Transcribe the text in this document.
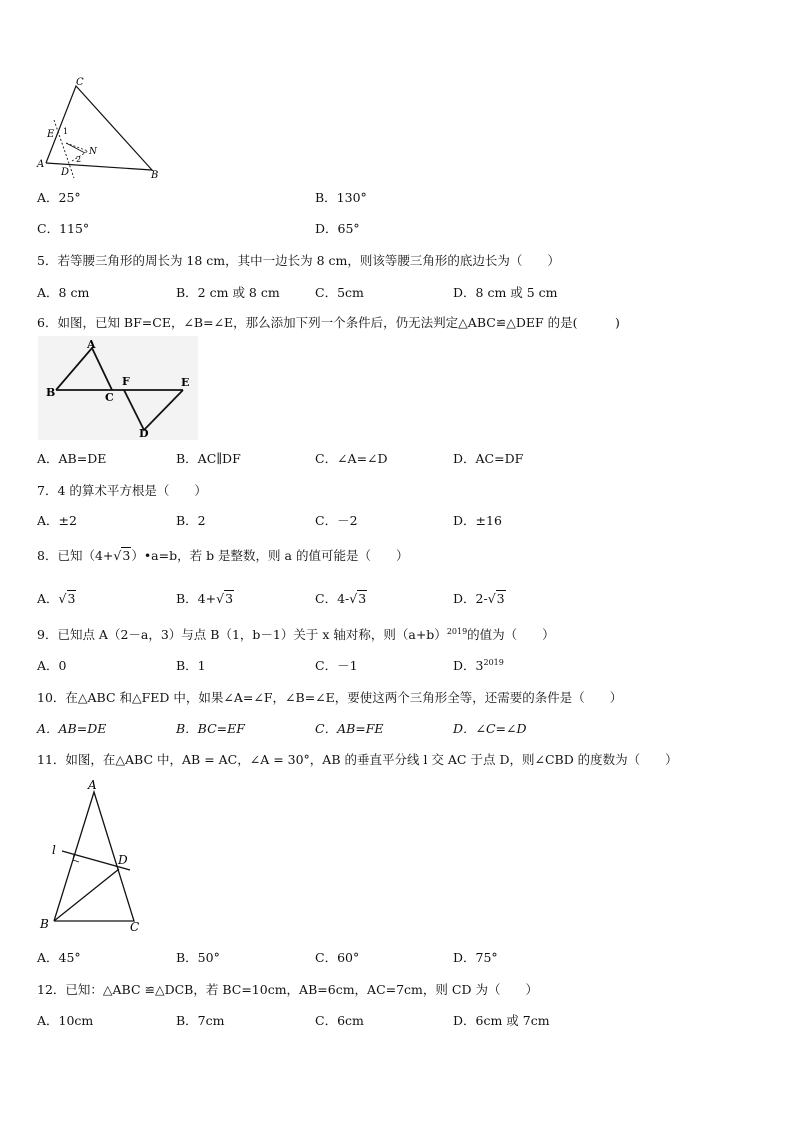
C
E 1
N
A
D
2
B
A．25°	B．130°
C．115°	D．65°
5．若等腰三角形的周长为 18 cm，其中一边长为 8 cm，则该等腰三角形的底边长为（　　）
A．8 cm	B．2 cm 或 8 cm	C．5cm	D．8 cm 或 5 cm
6．如图，已知 BF=CE，∠B=∠E，那么添加下列一个条件后，仍无法判定△ABC≌△DEF 的是(　　　)
A
B	C
F	E
D
A．AB=DE	B．AC∥DF	C．∠A=∠D	D．AC=DF
7．4 的算术平方根是（　　）
A．±2	B．2	C．－2	D．±16
8．已知（4+√3）•a=b，若 b 是整数，则 a 的值可能是（　　）
A．√3	B．4+√3	C．4-√3	D．2-√3
9．已知点 A（2－a，3）与点 B（1，b－1）关于 x 轴对称，则$(a+b)^{2019}$的值为（　　）
A．0	B．1	C．－1	D．$3^{2019}$
10．在△ABC 和△FED 中，如果∠A=∠F，∠B=∠E，要使这两个三角形全等，还需要的条件是（　　）
A．AB=DE	B．BC=EF	C．AB=FE	D．∠C=∠D
11．如图，在△ABC 中，AB = AC，∠A = 30°，AB 的垂直平分线 l 交 AC 于点 D，则∠CBD 的度数为（　　）
A
l
D
B	C
A．45°	B．50°	C．60°	D．75°
12．已知：△ABC ≌△DCB，若 BC=10cm，AB=6cm，AC=7cm，则 CD 为（　　）
A．10cm	B．7cm	C．6cm	D．6cm 或 7cm
